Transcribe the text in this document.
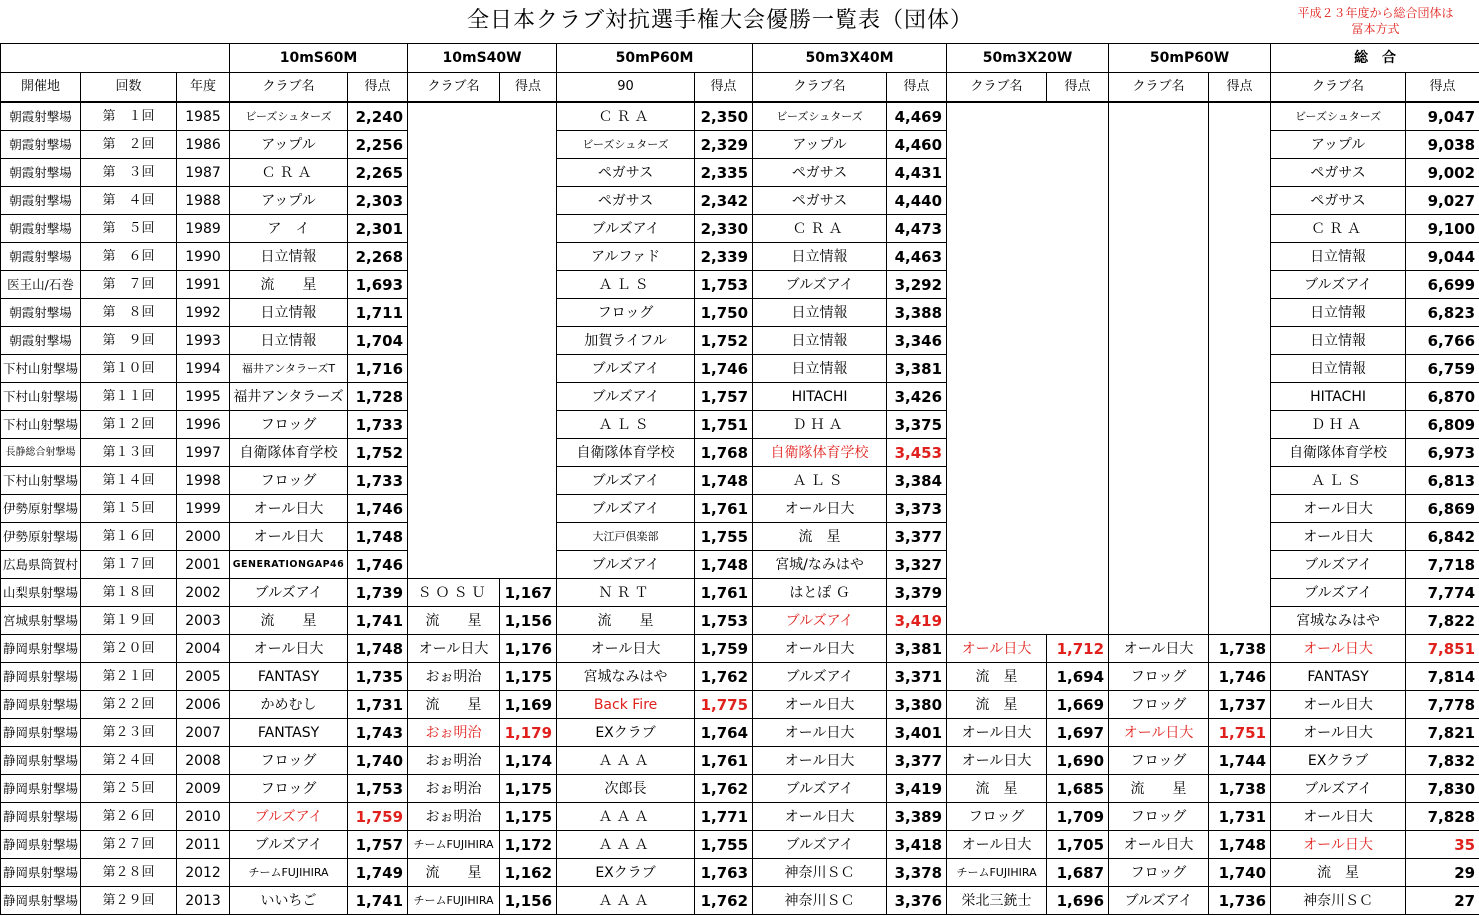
全日本クラブ対抗選手権大会優勝一覧表（団体）	平成２３年度から総合団体は
冨本方式
			10mS60M		10mS40W		50mP60M		50m3X40M		50m3X20W		50mP60W		総　合	
開催地	回数	年度	クラブ名	得点	クラブ名	得点	90	得点	クラブ名	得点	クラブ名	得点	クラブ名	得点	クラブ名	得点
朝霞射撃場	第　１回	1985	ビーズシュターズ	2,240			ＣＲＡ	2,350	ビーズシュターズ	4,469					ビーズシュターズ	9,047
朝霞射撃場	第　２回	1986	アップル	2,256			ビーズシュターズ	2,329	アップル	4,460					アップル	9,038
朝霞射撃場	第　３回	1987	ＣＲＡ	2,265			ペガサス	2,335	ペガサス	4,431					ペガサス	9,002
朝霞射撃場	第　４回	1988	アップル	2,303			ペガサス	2,342	ペガサス	4,440					ペガサス	9,027
朝霞射撃場	第　５回	1989	ア　イ	2,301			ブルズアイ	2,330	ＣＲＡ	4,473					ＣＲＡ	9,100
朝霞射撃場	第　６回	1990	日立情報	2,268			アルファド	2,339	日立情報	4,463					日立情報	9,044
医王山/石巻	第　７回	1991	流　　星	1,693			ＡＬＳ	1,753	ブルズアイ	3,292					ブルズアイ	6,699
朝霞射撃場	第　８回	1992	日立情報	1,711			フロッグ	1,750	日立情報	3,388					日立情報	6,823
朝霞射撃場	第　９回	1993	日立情報	1,704			加賀ライフル	1,752	日立情報	3,346					日立情報	6,766
下村山射撃場	第１０回	1994	福井アンタラーズT	1,716			ブルズアイ	1,746	日立情報	3,381					日立情報	6,759
下村山射撃場	第１１回	1995	福井アンタラーズ	1,728			ブルズアイ	1,757	HITACHI	3,426					HITACHI	6,870
下村山射撃場	第１２回	1996	フロッグ	1,733			ＡＬＳ	1,751	ＤＨＡ	3,375					ＤＨＡ	6,809
長静総合射撃場	第１３回	1997	自衛隊体育学校	1,752			自衛隊体育学校	1,768	自衛隊体育学校	3,453					自衛隊体育学校	6,973
下村山射撃場	第１４回	1998	フロッグ	1,733			ブルズアイ	1,748	ＡＬＳ	3,384					ＡＬＳ	6,813
伊勢原射撃場	第１５回	1999	オール日大	1,746			ブルズアイ	1,761	オール日大	3,373					オール日大	6,869
伊勢原射撃場	第１６回	2000	オール日大	1,748			大江戸倶楽部	1,755	流　星	3,377					オール日大	6,842
広島県筒賀村	第１７回	2001	GENERATIONGAP46	1,746			ブルズアイ	1,748	宮城/なみはや	3,327					ブルズアイ	7,718
山梨県射撃場	第１８回	2002	ブルズアイ	1,739	ＳＯＳＵ	1,167	ＮＲＴ	1,761	はとぽ Ｇ	3,379					ブルズアイ	7,774
宮城県射撃場	第１９回	2003	流　　星	1,741	流　　星	1,156	流　　星	1,753	ブルズアイ	3,419					宮城なみはや	7,822
静岡県射撃場	第２０回	2004	オール日大	1,748	オール日大	1,176	オール日大	1,759	オール日大	3,381	オール日大	1,712	オール日大	1,738	オール日大	7,851
静岡県射撃場	第２１回	2005	FANTASY	1,735	おぉ明治	1,175	宮城なみはや	1,762	ブルズアイ	3,371	流　星	1,694	フロッグ	1,746	FANTASY	7,814
静岡県射撃場	第２２回	2006	かめむし	1,731	流　　星	1,169	Back Fire	1,775	オール日大	3,380	流　星	1,669	フロッグ	1,737	オール日大	7,778
静岡県射撃場	第２３回	2007	FANTASY	1,743	おぉ明治	1,179	EXクラブ	1,764	オール日大	3,401	オール日大	1,697	オール日大	1,751	オール日大	7,821
静岡県射撃場	第２４回	2008	フロッグ	1,740	おぉ明治	1,174	ＡＡＡ	1,761	オール日大	3,377	オール日大	1,690	フロッグ	1,744	EXクラブ	7,832
静岡県射撃場	第２５回	2009	フロッグ	1,753	おぉ明治	1,175	次郎長	1,762	ブルズアイ	3,419	流　星	1,685	流　　星	1,738	ブルズアイ	7,830
静岡県射撃場	第２６回	2010	ブルズアイ	1,759	おぉ明治	1,175	ＡＡＡ	1,771	オール日大	3,389	フロッグ	1,709	フロッグ	1,731	オール日大	7,828
静岡県射撃場	第２７回	2011	ブルズアイ	1,757	チームFUJIHIRA	1,172	ＡＡＡ	1,755	ブルズアイ	3,418	オール日大	1,705	オール日大	1,748	オール日大	35
静岡県射撃場	第２８回	2012	チームFUJIHIRA	1,749	流　　星	1,162	EXクラブ	1,763	神奈川ＳＣ	3,378	チームFUJIHIRA	1,687	フロッグ	1,740	流　星	29
静岡県射撃場	第２９回	2013	いいちご	1,741	チームFUJIHIRA	1,156	ＡＡＡ	1,762	神奈川ＳＣ	3,376	栄北三銃士	1,696	ブルズアイ	1,736	神奈川ＳＣ	27
